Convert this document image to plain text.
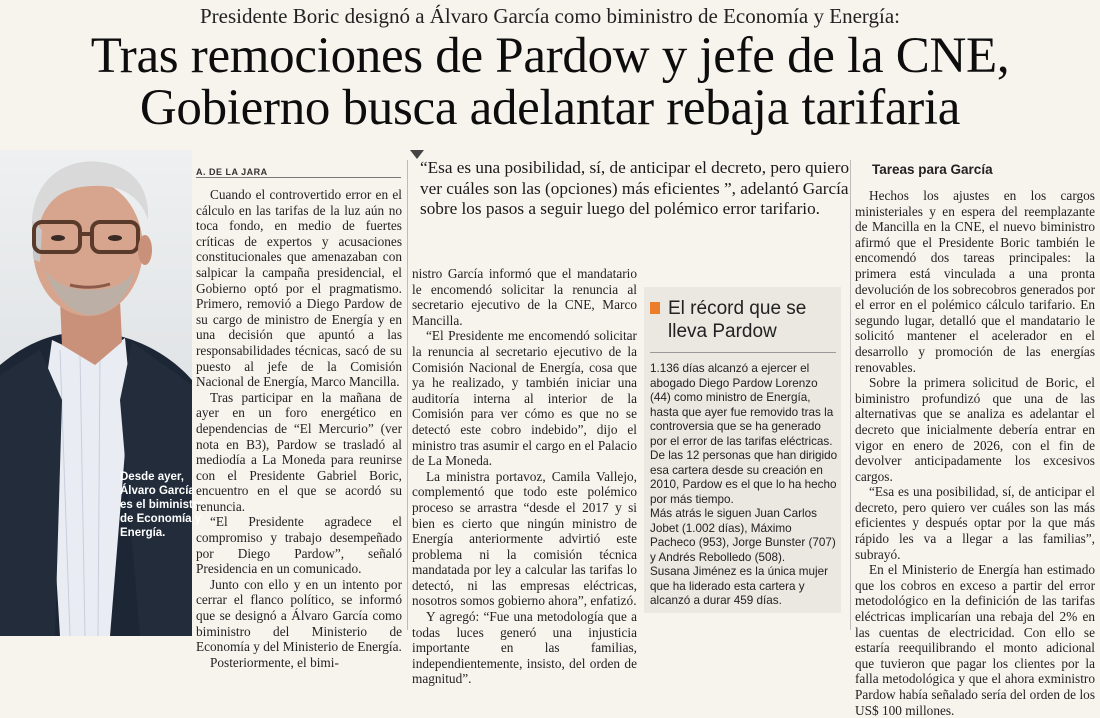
Presidente Boric designó a Álvaro García como biministro de Economía y Energía:
Tras remociones de Pardow y jefe de la CNE,
Gobierno busca adelantar rebaja tarifaria
Desde ayer, Álvaro García es el biministro de Economía y Energía.
A. DE LA JARA

Cuando el controvertido error en el cálculo en las tarifas de la luz aún no toca fondo, en medio de fuertes críticas de expertos y acusaciones constitucionales que amenazaban con salpicar la campaña presidencial, el Gobierno optó por el pragmatismo. Primero, removió a Diego Pardow de su cargo de ministro de Energía y en una decisión que apuntó a las responsabilidades técnicas, sacó de su puesto al jefe de la Comisión Nacional de Energía, Marco Mancilla.

Tras participar en la mañana de ayer en un foro energético en dependencias de “El Mercurio” (ver nota en B3), Pardow se trasladó al mediodía a La Moneda para reunirse con el Presidente Gabriel Boric, encuentro en el que se acordó su renuncia.

“El Presidente agradece el compromiso y trabajo desempeñado por Diego Pardow”, señaló Presidencia en un comunicado.

Junto con ello y en un intento por cerrar el flanco político, se informó que se designó a Álvaro García como biministro del Ministerio de Economía y del Ministerio de Energía.

Posteriormente, el bimi-

“Esa es una posibilidad, sí, de anticipar el decreto, pero quiero ver cuáles son las (opciones) más eficientes ”, adelantó García sobre los pasos a seguir luego del polémico error tarifario.

nistro García informó que el mandatario le encomendó solicitar la renuncia al secretario ejecutivo de la CNE, Marco Mancilla.

“El Presidente me encomendó solicitar la renuncia al secretario ejecutivo de la Comisión Nacional de Energía, cosa que ya he realizado, y también iniciar una auditoría interna al interior de la Comisión para ver cómo es que no se detectó este cobro indebido”, dijo el ministro tras asumir el cargo en el Palacio de La Moneda.

La ministra portavoz, Camila Vallejo, complementó que todo este polémico proceso se arrastra “desde el 2017 y si bien es cierto que ningún ministro de Energía anteriormente advirtió este problema ni la comisión técnica mandatada por ley a calcular las tarifas lo detectó, ni las empresas eléctricas, nosotros somos gobierno ahora”, enfatizó.

Y agregó: “Fue una metodología que a todas luces generó una injusticia importante en las familias, independientemente, insisto, del orden de magnitud”.

El récord que se lleva Pardow

1.136 días alcanzó a ejercer el abogado Diego Pardow Lorenzo (44) como ministro de Energía, hasta que ayer fue removido tras la controversia que se ha generado por el error de las tarifas eléctricas.

De las 12 personas que han dirigido esa cartera desde su creación en 2010, Pardow es el que lo ha hecho por más tiempo.

Más atrás le siguen Juan Carlos Jobet (1.002 días), Máximo Pacheco (953), Jorge Bunster (707) y Andrés Rebolledo (508).

Susana Jiménez es la única mujer que ha liderado esta cartera y alcanzó a durar 459 días.

Tareas para García

Hechos los ajustes en los cargos ministeriales y en espera del reemplazante de Mancilla en la CNE, el nuevo biministro afirmó que el Presidente Boric también le encomendó dos tareas principales: la primera está vinculada a una pronta devolución de los sobrecobros generados por el error en el polémico cálculo tarifario. En segundo lugar, detalló que el mandatario le solicitó mantener el acelerador en el desarrollo y promoción de las energías renovables.

Sobre la primera solicitud de Boric, el biministro profundizó que una de las alternativas que se analiza es adelantar el decreto que inicialmente debería entrar en vigor en enero de 2026, con el fin de devolver anticipadamente los excesivos cargos.

“Esa es una posibilidad, sí, de anticipar el decreto, pero quiero ver cuáles son las más eficientes y después optar por la que más rápido les va a llegar a las familias”, subrayó.

En el Ministerio de Energía han estimado que los cobros en exceso a partir del error metodológico en la definición de las tarifas eléctricas implicarían una rebaja del 2% en las cuentas de electricidad. Con ello se estaría reequilibrando el monto adicional que tuvieron que pagar los clientes por la falla metodológica y que el ahora exministro Pardow había señalado sería del orden de los US$ 100 millones.
